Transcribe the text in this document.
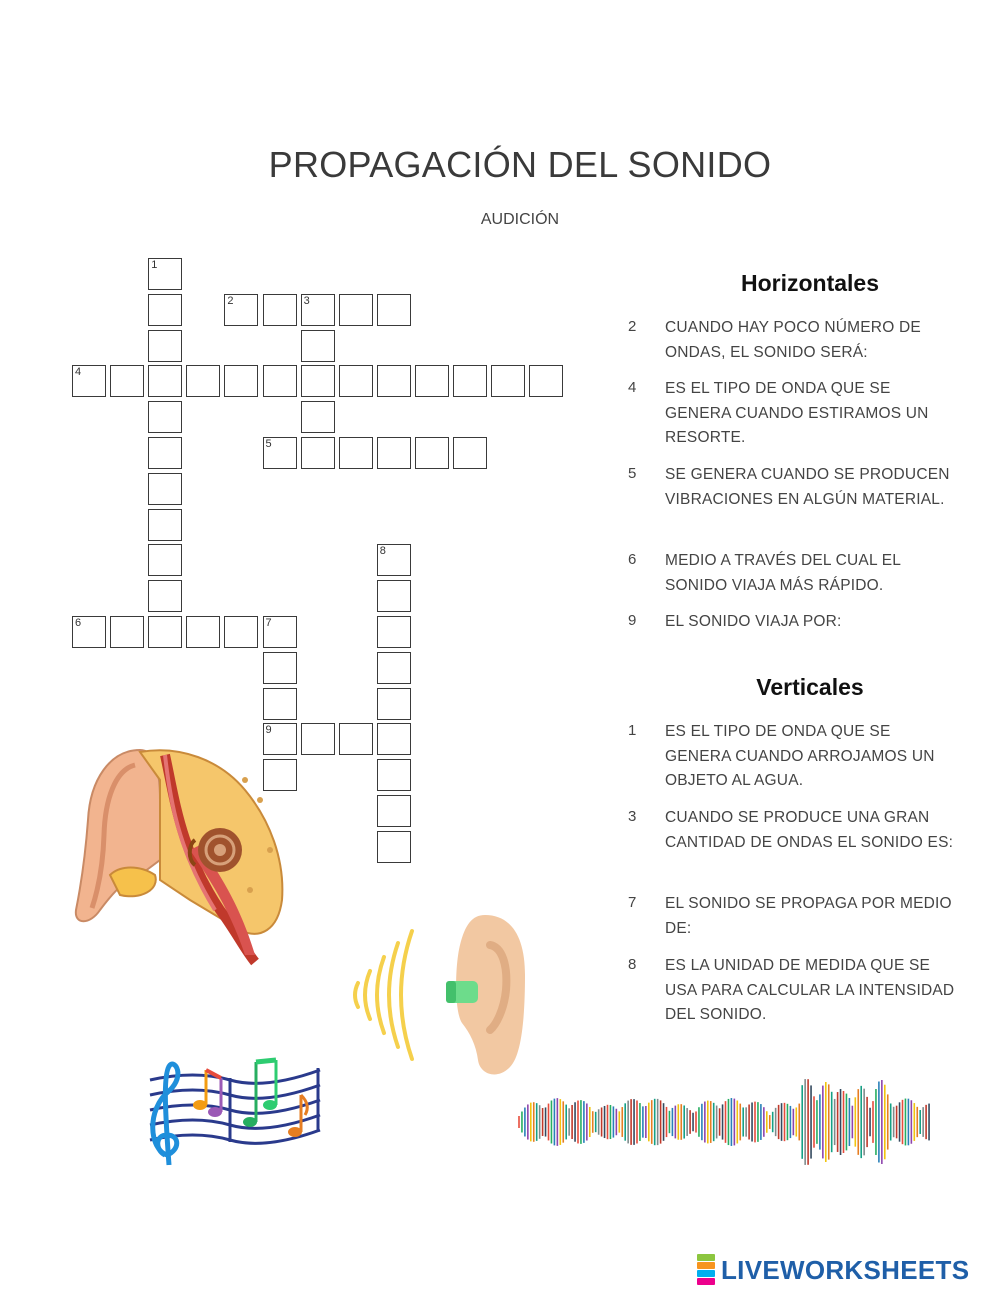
PROPAGACIÓN DEL SONIDO
AUDICIÓN
1
2	3
4
5
6	7
8
9
Horizontales
2 CUANDO HAY POCO NÚMERO DE ONDAS, EL SONIDO SERÁ:
4 ES EL TIPO DE ONDA QUE SE GENERA CUANDO ESTIRAMOS UN RESORTE.
5 SE GENERA CUANDO SE PRODUCEN VIBRACIONES EN ALGÚN MATERIAL.
6 MEDIO A TRAVÉS DEL CUAL EL SONIDO VIAJA MÁS RÁPIDO.
9 EL SONIDO VIAJA POR:
Verticales
1 ES EL TIPO DE ONDA QUE SE GENERA CUANDO ARROJAMOS UN OBJETO AL AGUA.
3 CUANDO SE PRODUCE UNA GRAN CANTIDAD DE ONDAS EL SONIDO ES:
7 EL SONIDO SE PROPAGA POR MEDIO DE:
8 ES LA UNIDAD DE MEDIDA QUE SE USA PARA CALCULAR LA INTENSIDAD DEL SONIDO.
LIVEWORKSHEETS
